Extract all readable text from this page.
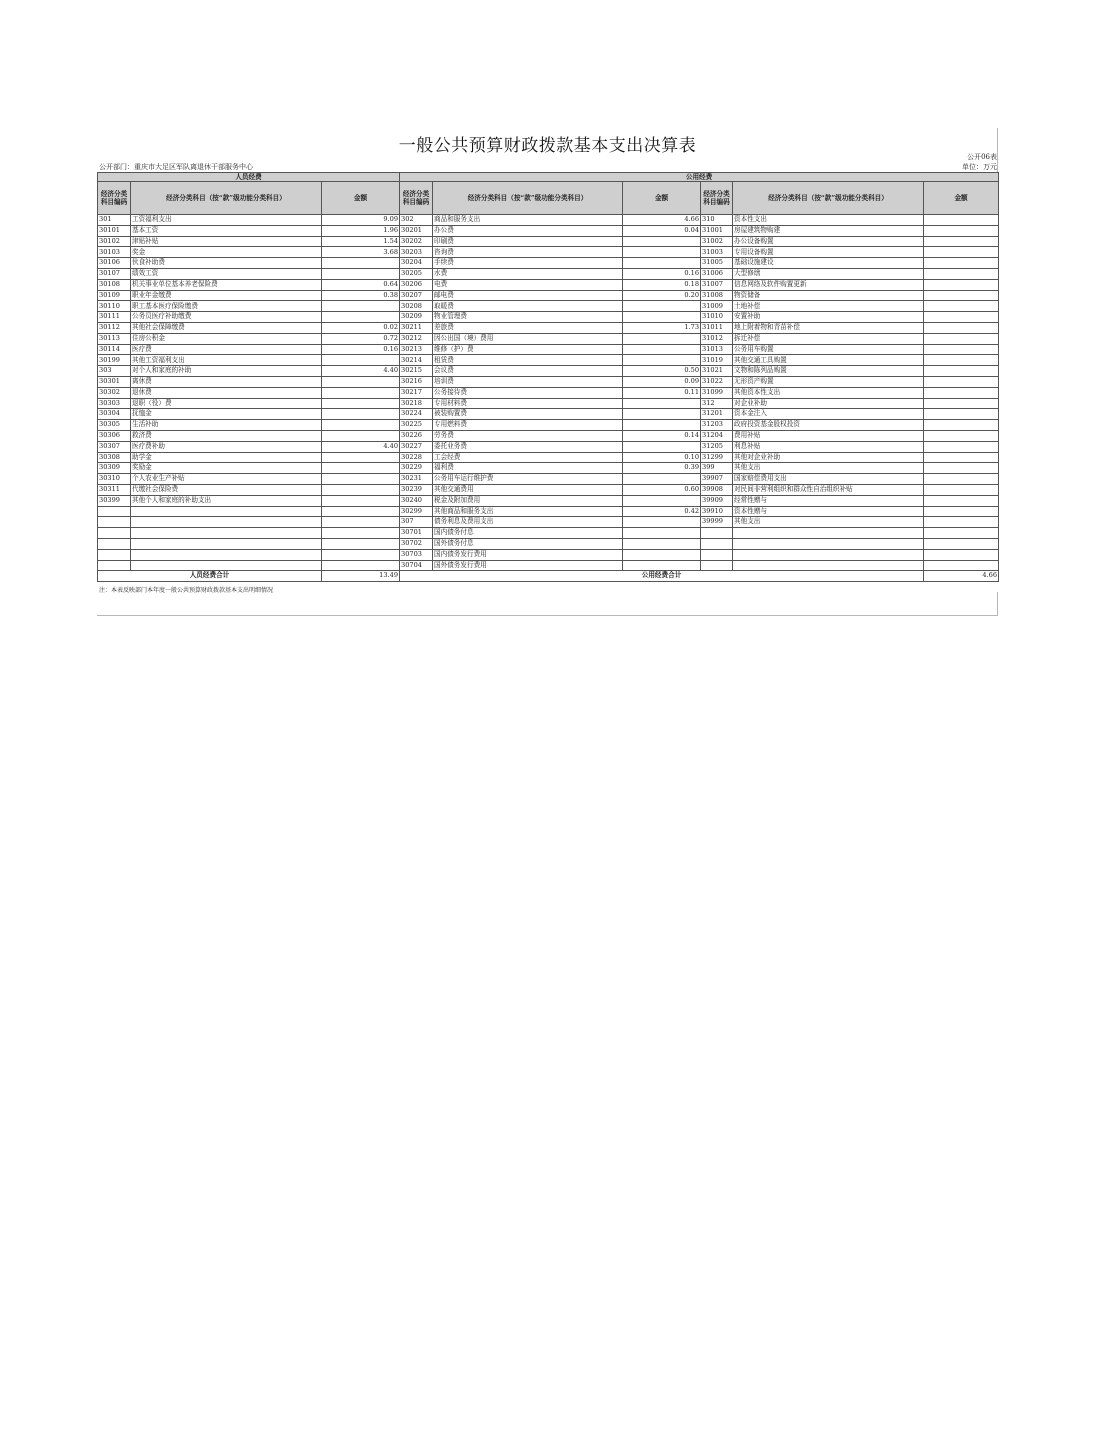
一般公共预算财政拨款基本支出决算表
公开06表
公开部门：重庆市大足区军队离退休干部服务中心	单位：万元
人员经费			公用经费					
经济分类科目编码	经济分类科目（按“款”级功能分类科目）	金额	经济分类科目编码	经济分类科目（按“款”级功能分类科目）	金额	经济分类科目编码	经济分类科目（按“款”级功能分类科目）	金额
301	工资福利支出	9.09	302	商品和服务支出	4.66	310	资本性支出	
30101	基本工资	1.96	30201	办公费	0.04	31001	房屋建筑物购建	
30102	津贴补贴	1.54	30202	印刷费		31002	办公设备购置	
30103	奖金	3.68	30203	咨询费		31003	专用设备购置	
30106	伙食补助费		30204	手续费		31005	基础设施建设	
30107	绩效工资		30205	水费	0.16	31006	大型修缮	
30108	机关事业单位基本养老保险费	0.64	30206	电费	0.18	31007	信息网络及软件购置更新	
30109	职业年金缴费	0.38	30207	邮电费	0.20	31008	物资储备	
30110	职工基本医疗保险缴费		30208	取暖费		31009	土地补偿	
30111	公务员医疗补助缴费		30209	物业管理费		31010	安置补助	
30112	其他社会保障缴费	0.02	30211	差旅费	1.73	31011	地上附着物和青苗补偿	
30113	住房公积金	0.72	30212	因公出国（境）费用		31012	拆迁补偿	
30114	医疗费	0.16	30213	维修（护）费		31013	公务用车购置	
30199	其他工资福利支出		30214	租赁费		31019	其他交通工具购置	
303	对个人和家庭的补助	4.40	30215	会议费	0.50	31021	文物和陈列品购置	
30301	离休费		30216	培训费	0.09	31022	无形资产购置	
30302	退休费		30217	公务接待费	0.11	31099	其他资本性支出	
30303	退职（役）费		30218	专用材料费		312	对企业补助	
30304	抚恤金		30224	被装购置费		31201	资本金注入	
30305	生活补助		30225	专用燃料费		31203	政府投资基金股权投资	
30306	救济费		30226	劳务费	0.14	31204	费用补贴	
30307	医疗费补助	4.40	30227	委托业务费		31205	利息补贴	
30308	助学金		30228	工会经费	0.10	31299	其他对企业补助	
30309	奖励金		30229	福利费	0.39	399	其他支出	
30310	个人农业生产补贴		30231	公务用车运行维护费		39907	国家赔偿费用支出	
30311	代缴社会保险费		30239	其他交通费用	0.60	39908	对民间非营利组织和群众性自治组织补贴	
30399	其他个人和家庭的补助支出		30240	税金及附加费用		39909	经常性赠与	
			30299	其他商品和服务支出	0.42	39910	资本性赠与	
			307	债务利息及费用支出		39999	其他支出	
			30701	国内债务付息				
			30702	国外债务付息				
			30703	国内债务发行费用				
			30704	国外债务发行费用				
人员经费合计		13.49	公用经费合计					4.66
注：本表反映部门本年度一般公共预算财政拨款基本支出明细情况
